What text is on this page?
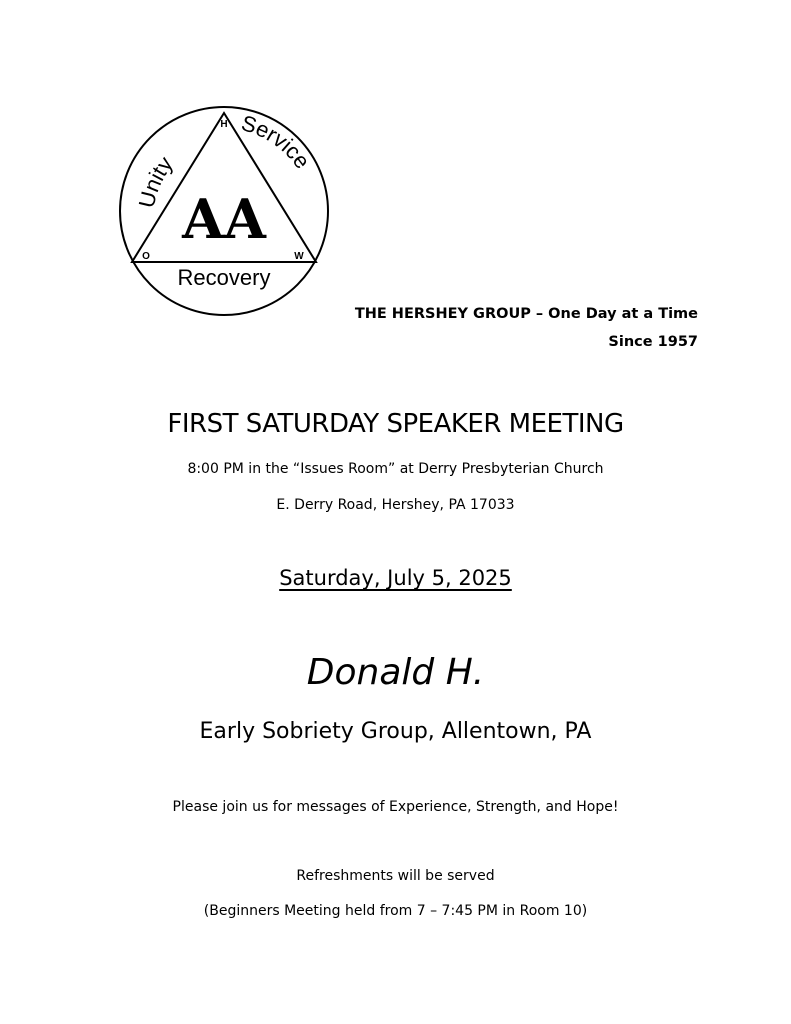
AA
Unity
Service
Recovery
H
O	W
THE HERSHEY GROUP – One Day at a Time
Since 1957
FIRST SATURDAY SPEAKER MEETING
8:00 PM in the “Issues Room” at Derry Presbyterian Church
E. Derry Road, Hershey, PA 17033
Saturday, July 5, 2025
Donald H.
Early Sobriety Group, Allentown, PA
Please join us for messages of Experience, Strength, and Hope!
Refreshments will be served
(Beginners Meeting held from 7 – 7:45 PM in Room 10)
